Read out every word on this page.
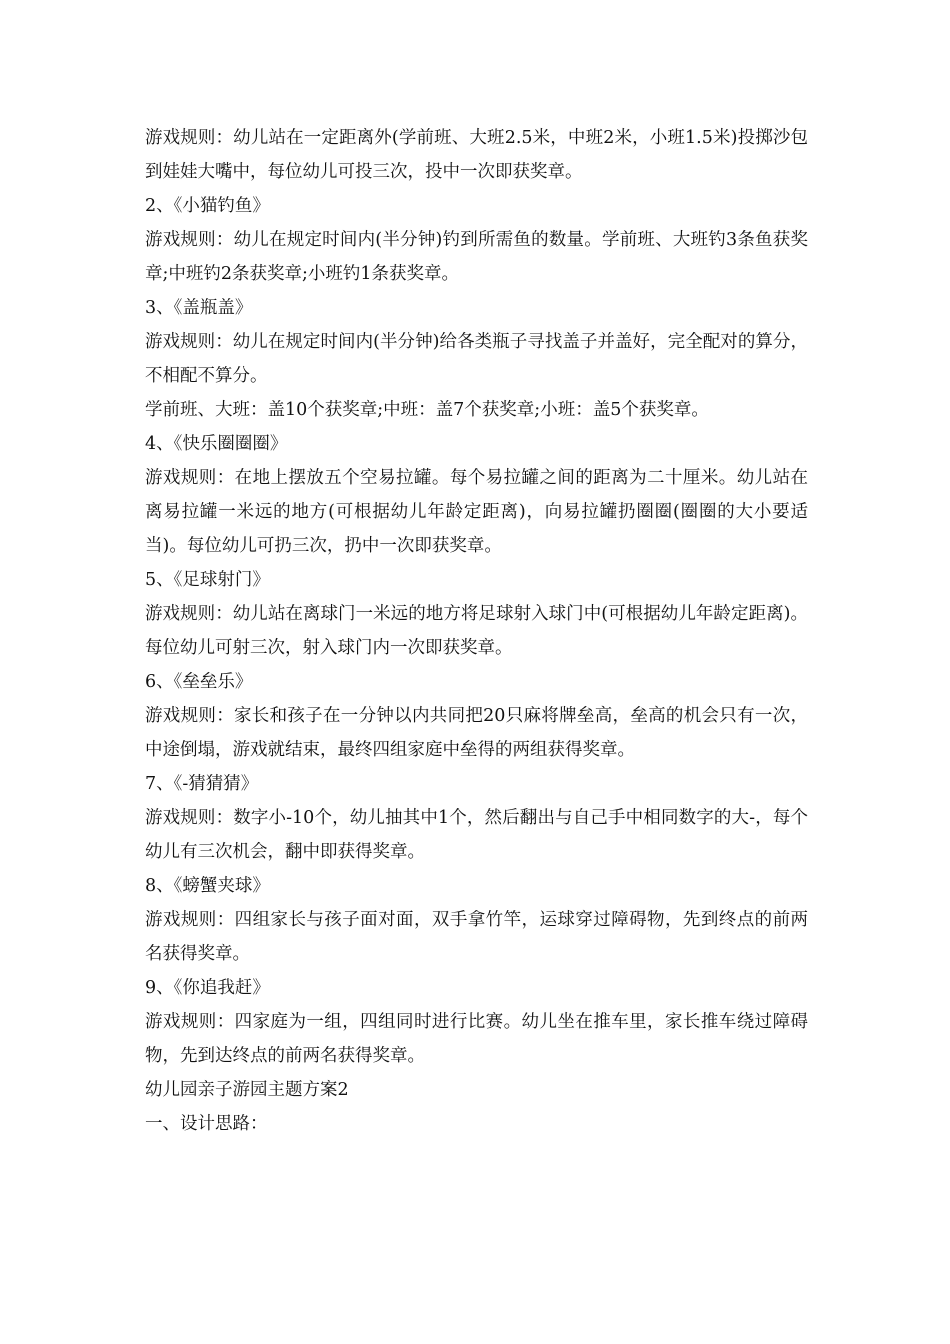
游戏规则：幼儿站在一定距离外(学前班、大班2.5米，中班2米，小班1.5米)投掷沙包到娃娃大嘴中，每位幼儿可投三次，投中一次即获奖章。

2、《小猫钓鱼》

游戏规则：幼儿在规定时间内(半分钟)钓到所需鱼的数量。学前班、大班钓3条鱼获奖章;中班钓2条获奖章;小班钓1条获奖章。

3、《盖瓶盖》

游戏规则：幼儿在规定时间内(半分钟)给各类瓶子寻找盖子并盖好，完全配对的算分，不相配不算分。

学前班、大班：盖10个获奖章;中班：盖7个获奖章;小班：盖5个获奖章。

4、《快乐圈圈圈》

游戏规则：在地上摆放五个空易拉罐。每个易拉罐之间的距离为二十厘米。幼儿站在离易拉罐一米远的地方(可根据幼儿年龄定距离)，向易拉罐扔圈圈(圈圈的大小要适当)。每位幼儿可扔三次，扔中一次即获奖章。

5、《足球射门》

游戏规则：幼儿站在离球门一米远的地方将足球射入球门中(可根据幼儿年龄定距离)。每位幼儿可射三次，射入球门内一次即获奖章。

6、《垒垒乐》

游戏规则：家长和孩子在一分钟以内共同把20只麻将牌垒高，垒高的机会只有一次，中途倒塌，游戏就结束，最终四组家庭中垒得的两组获得奖章。

7、《-猜猜猜》

游戏规则：数字小-10个，幼儿抽其中1个，然后翻出与自己手中相同数字的大-，每个幼儿有三次机会，翻中即获得奖章。

8、《螃蟹夹球》

游戏规则：四组家长与孩子面对面，双手拿竹竿，运球穿过障碍物，先到终点的前两名获得奖章。

9、《你追我赶》

游戏规则：四家庭为一组，四组同时进行比赛。幼儿坐在推车里，家长推车绕过障碍物，先到达终点的前两名获得奖章。

幼儿园亲子游园主题方案2

一、设计思路：
